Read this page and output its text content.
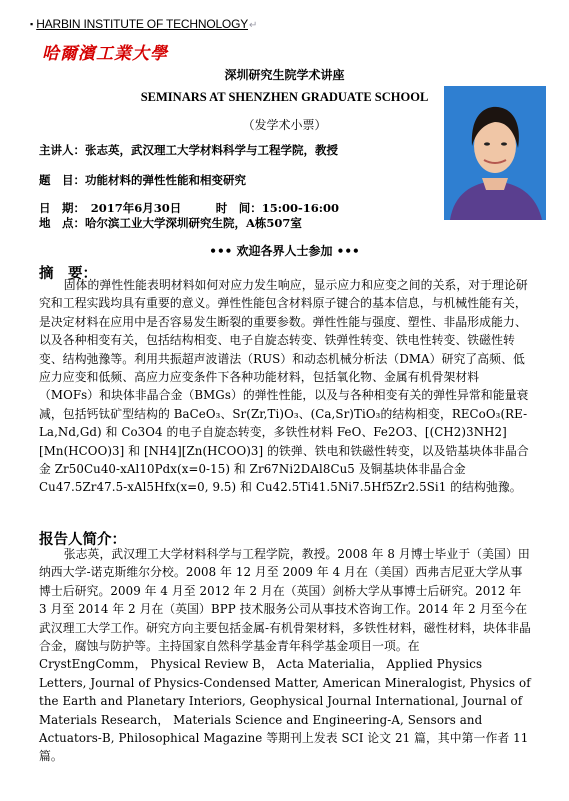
▪ HARBIN INSTITUTE OF TECHNOLOGY↵
哈爾濱工業大學
深圳研究生院学术讲座
SEMINARS AT SHENZHEN GRADUATE SCHOOL
（发学术小票）
主讲人：张志英，武汉理工大学材料科学与工程学院，教授
题　目：功能材料的弹性性能和相变研究
日　期：　2017年6月30日　　　时　间：15:00-16:00
地　点：哈尔滨工业大学深圳研究生院，A栋507室
••• 欢迎各界人士参加 •••
摘　要：

固体的弹性性能表明材料如何对应力发生响应，显示应力和应变之间的关系，对于理论研究和工程实践均具有重要的意义。弹性性能包含材料原子键合的基本信息，与机械性能有关，是决定材料在应用中是否容易发生断裂的重要参数。弹性性能与强度、塑性、非晶形成能力、以及各种相变有关，包括结构相变、电子自旋态转变、铁弹性转变、铁电性转变、铁磁性转变、结构弛豫等。利用共振超声波谱法（RUS）和动态机械分析法（DMA）研究了高频、低应力应变和低频、高应力应变条件下各种功能材料，包括氧化物、金属有机骨架材料（MOFs）和块体非晶合金（BMGs）的弹性性能，以及与各种相变有关的弹性异常和能量衰减，包括钙钛矿型结构的 BaCeO₃、Sr(Zr,Ti)O₃、(Ca,Sr)TiO₃的结构相变，RECoO₃(RE-La,Nd,Gd) 和 Co3O4 的电子自旋态转变，多铁性材料 FeO、Fe2O3、[(CH2)3NH2][Mn(HCOO)3] 和 [NH4][Zn(HCOO)3] 的铁弹、铁电和铁磁性转变，以及锆基块体非晶合金 Zr50Cu40-xAl10Pdx(x=0-15) 和 Zr67Ni2DAl8Cu5 及铜基块体非晶合金 Cu47.5Zr47.5-xAl5Hfx(x=0, 9.5) 和 Cu42.5Ti41.5Ni7.5Hf5Zr2.5Si1 的结构弛豫。

报告人简介：

张志英，武汉理工大学材料科学与工程学院，教授。2008 年 8 月博士毕业于（美国）田纳西大学-诺克斯维尔分校。2008 年 12 月至 2009 年 4 月在（美国）西弗吉尼亚大学从事博士后研究。2009 年 4 月至 2012 年 2 月在（英国）剑桥大学从事博士后研究。2012 年 3 月至 2014 年 2 月在（英国）BPP 技术服务公司从事技术咨询工作。2014 年 2 月至今在武汉理工大学工作。研究方向主要包括金属-有机骨架材料，多铁性材料，磁性材料，块体非晶合金，腐蚀与防护等。主持国家自然科学基金青年科学基金项目一项。在 CrystEngComm， Physical Review B， Acta Materialia， Applied Physics Letters, Journal of Physics-Condensed Matter, American Mineralogist, Physics of the Earth and Planetary Interiors, Geophysical Journal International, Journal of Materials Research， Materials Science and Engineering-A, Sensors and Actuators-B, Philosophical Magazine 等期刊上发表 SCI 论文 21 篇，其中第一作者 11 篇。
